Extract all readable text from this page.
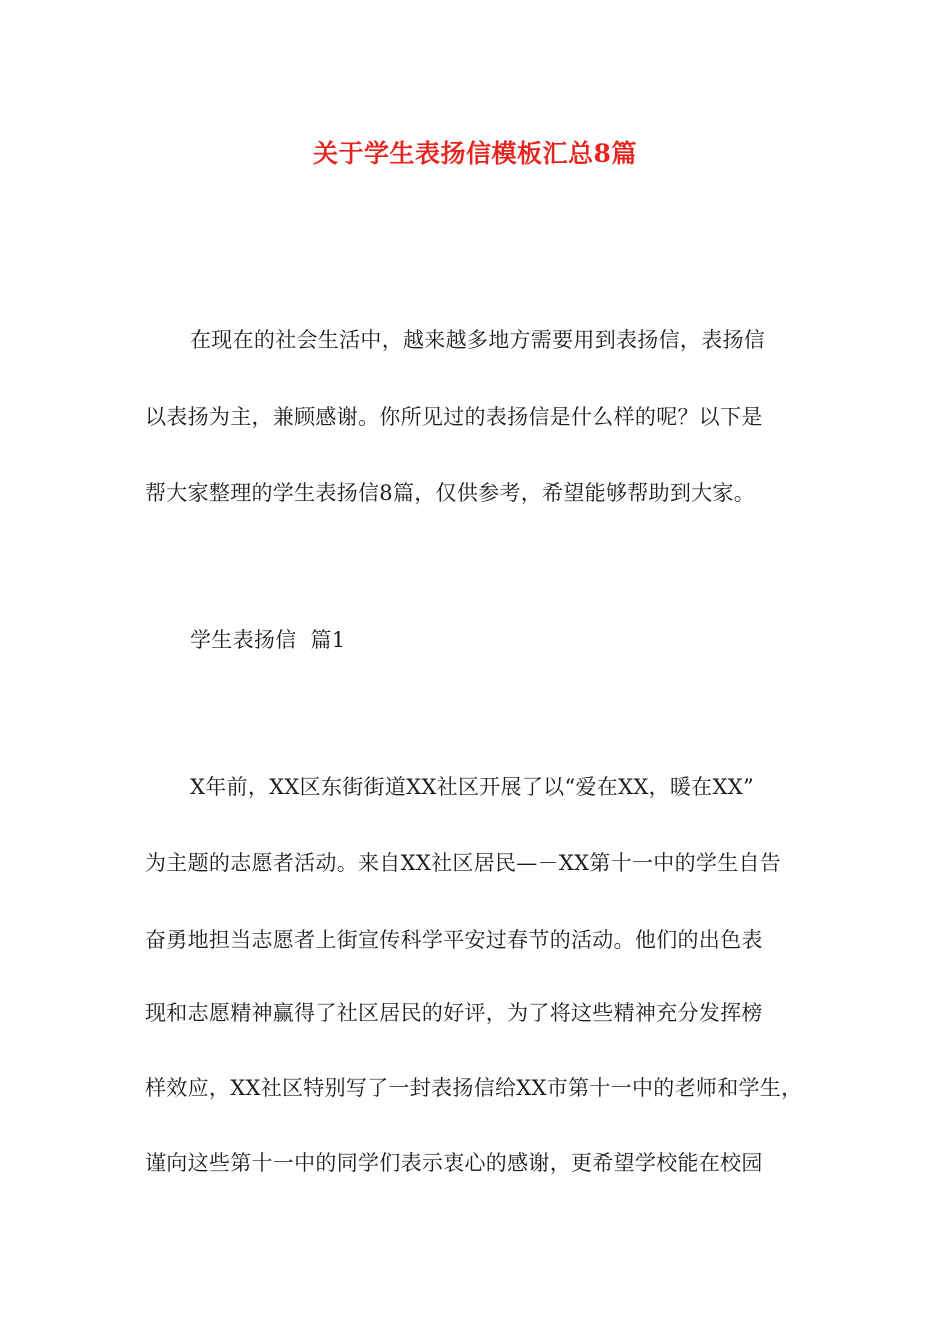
关于学生表扬信模板汇总8篇
在现在的社会生活中，越来越多地方需要用到表扬信，表扬信
以表扬为主，兼顾感谢。你所见过的表扬信是什么样的呢？以下是
帮大家整理的学生表扬信8篇，仅供参考，希望能够帮助到大家。
学生表扬信  篇1
X年前，XX区东街街道XX社区开展了以“爱在XX，暖在XX”
为主题的志愿者活动。来自XX社区居民—－XX第十一中的学生自告
奋勇地担当志愿者上街宣传科学平安过春节的活动。他们的出色表
现和志愿精神赢得了社区居民的好评，为了将这些精神充分发挥榜
样效应，XX社区特别写了一封表扬信给XX市第十一中的老师和学生，
谨向这些第十一中的同学们表示衷心的感谢，更希望学校能在校园
